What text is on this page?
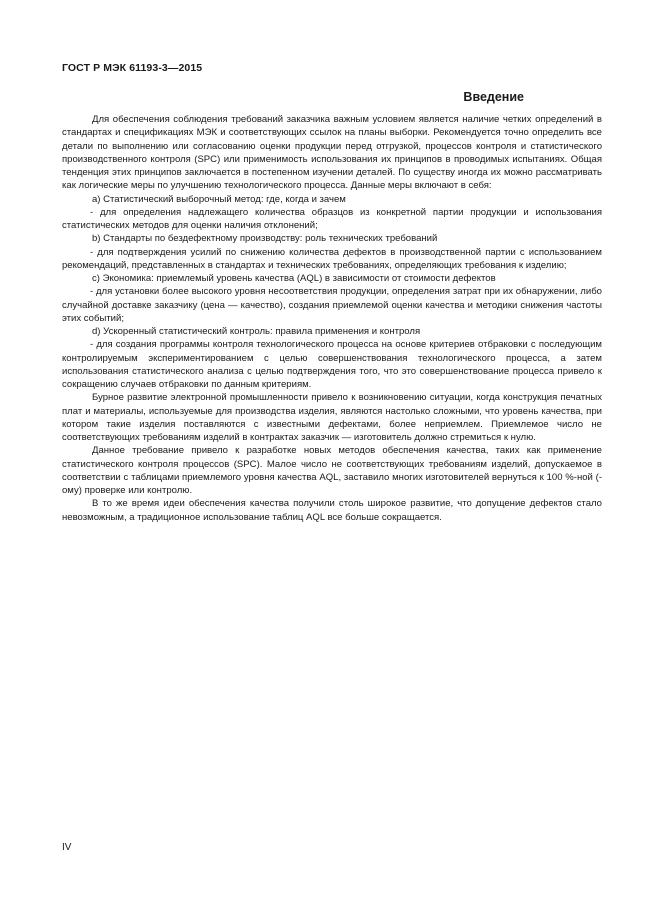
ГОСТ Р МЭК 61193-3—2015
Введение

Для обеспечения соблюдения требований заказчика важным условием является наличие четких определений в стандартах и спецификациях МЭК и соответствующих ссылок на планы выборки. Рекомендуется точно определить все детали по выполнению или согласованию оценки продукции перед отгрузкой, процессов контроля и статистического производственного контроля (SPC) или применимость использования их принципов в проводимых испытаниях. Общая тенденция этих принципов заключается в постепенном изучении деталей. По существу иногда их можно рассматривать как логические меры по улучшению технологического процесса. Данные меры включают в себя:

a) Статистический выборочный метод: где, когда и зачем

- для определения надлежащего количества образцов из конкретной партии продукции и использования статистических методов для оценки наличия отклонений;

b) Стандарты по бездефектному производству: роль технических требований

- для подтверждения усилий по снижению количества дефектов в производственной партии с использованием рекомендаций, представленных в стандартах и технических требованиях, определяющих требования к изделию;

c) Экономика: приемлемый уровень качества (AQL) в зависимости от стоимости дефектов

- для установки более высокого уровня несоответствия продукции, определения затрат при их обнаружении, либо случайной доставке заказчику (цена — качество), создания приемлемой оценки качества и методики снижения частоты этих событий;

d) Ускоренный статистический контроль: правила применения и контроля

- для создания программы контроля технологического процесса на основе критериев отбраковки с последующим контролируемым экспериментированием с целью совершенствования технологического процесса, а затем использования статистического анализа с целью подтверждения того, что это совершенствование процесса привело к сокращению случаев отбраковки по данным критериям.

Бурное развитие электронной промышленности привело к возникновению ситуации, когда конструкция печатных плат и материалы, используемые для производства изделия, являются настолько сложными, что уровень качества, при котором такие изделия поставляются с известными дефектами, более неприемлем. Приемлемое число не соответствующих требованиям изделий в контрактах заказчик — изготовитель должно стремиться к нулю.

Данное требование привело к разработке новых методов обеспечения качества, таких как применение статистического контроля процессов (SPC). Малое число не соответствующих требованиям изделий, допускаемое в соответствии с таблицами приемлемого уровня качества AQL, заставило многих изготовителей вернуться к 100 %-ной (-ому) проверке или контролю.

В то же время идеи обеспечения качества получили столь широкое развитие, что допущение дефектов стало невозможным, а традиционное использование таблиц AQL все больше сокращается.

IV
